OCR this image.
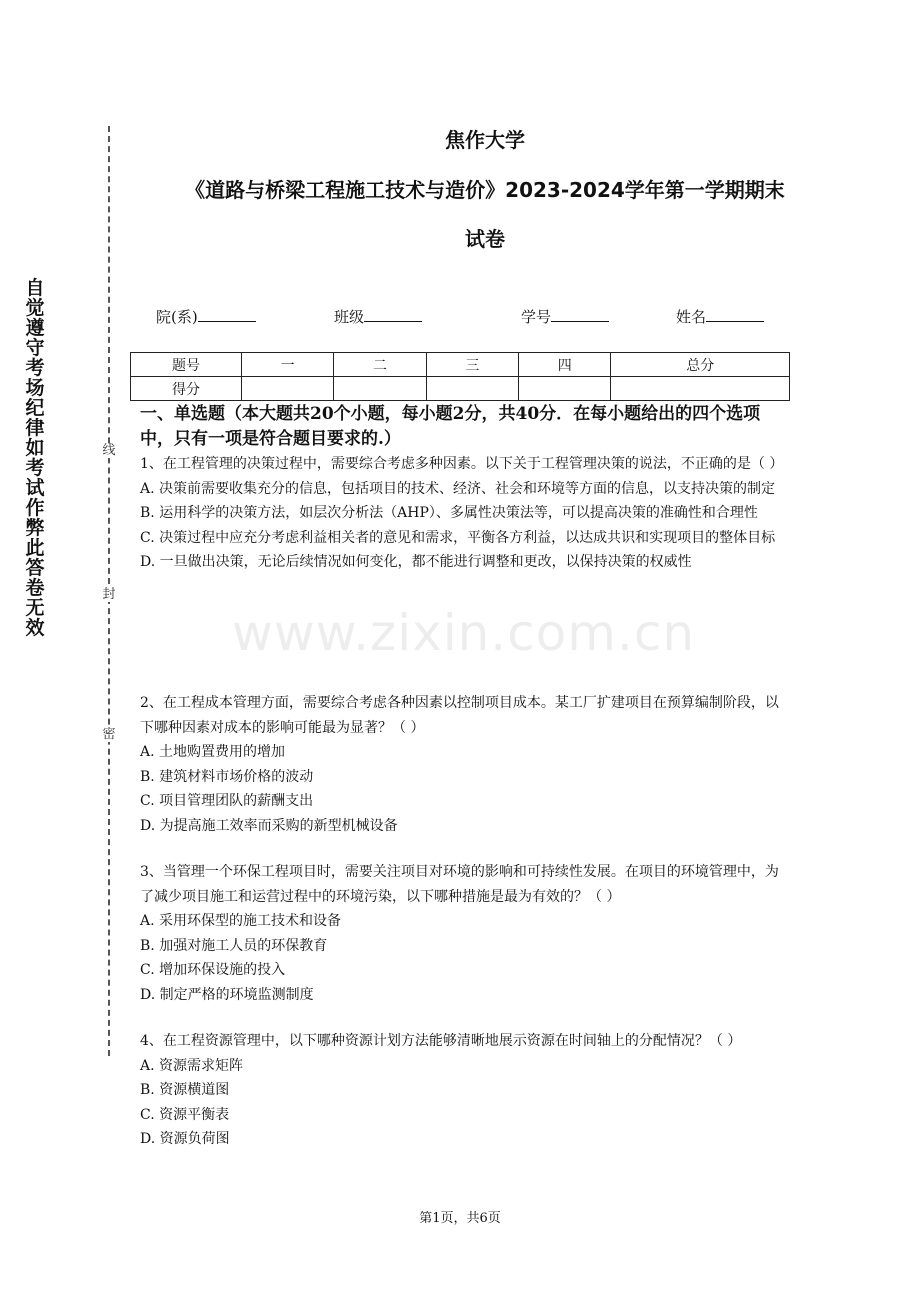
自觉遵守考场纪律如考试作弊此答卷无效
线
封
密
焦作大学
《道路与桥梁工程施工技术与造价》2023-2024学年第一学期期末
试卷
院(系)	班级	学号	姓名
题号	一	二	三	四	总分
得分					
一、单选题（本大题共20个小题，每小题2分，共40分．在每小题给出的四个选项中，只有一项是符合题目要求的.）

1、在工程管理的决策过程中，需要综合考虑多种因素。以下关于工程管理决策的说法，不正确的是（ ）

A. 决策前需要收集充分的信息，包括项目的技术、经济、社会和环境等方面的信息，以支持决策的制定

B. 运用科学的决策方法，如层次分析法（AHP）、多属性决策法等，可以提高决策的准确性和合理性

C. 决策过程中应充分考虑利益相关者的意见和需求，平衡各方利益，以达成共识和实现项目的整体目标

D. 一旦做出决策，无论后续情况如何变化，都不能进行调整和更改，以保持决策的权威性

2、在工程成本管理方面，需要综合考虑各种因素以控制项目成本。某工厂扩建项目在预算编制阶段，以下哪种因素对成本的影响可能最为显著？（ ）

A. 土地购置费用的增加

B. 建筑材料市场价格的波动

C. 项目管理团队的薪酬支出

D. 为提高施工效率而采购的新型机械设备

3、当管理一个环保工程项目时，需要关注项目对环境的影响和可持续性发展。在项目的环境管理中，为了减少项目施工和运营过程中的环境污染，以下哪种措施是最为有效的？（ ）

A. 采用环保型的施工技术和设备

B. 加强对施工人员的环保教育

C. 增加环保设施的投入

D. 制定严格的环境监测制度

4、在工程资源管理中，以下哪种资源计划方法能够清晰地展示资源在时间轴上的分配情况？（ ）

A. 资源需求矩阵

B. 资源横道图

C. 资源平衡表

D. 资源负荷图

www.zixin.com.cn
第1页，共6页
